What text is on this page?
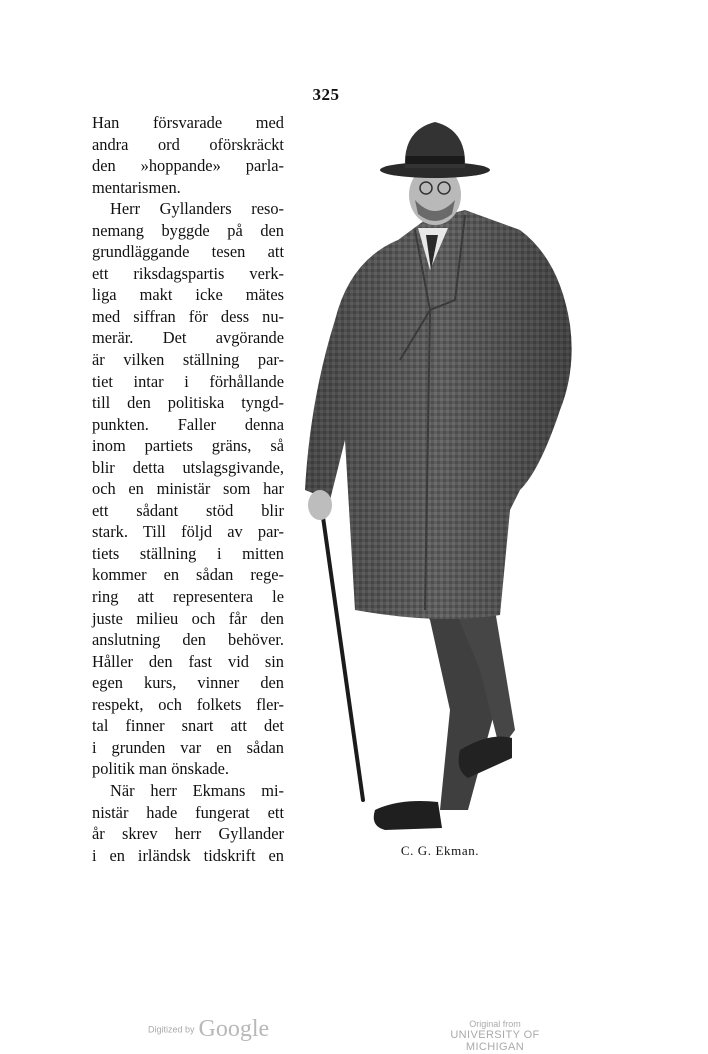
325
Han försvarade med
andra ord oförskräckt
den »hoppande» parla-
mentarismen.
Herr Gyllanders reso-
nemang byggde på den
grundläggande tesen att
ett riksdagspartis verk-
liga makt icke mätes
med siffran för dess nu-
merär. Det avgörande
är vilken ställning par-
tiet intar i förhållande
till den politiska tyngd-
punkten. Faller denna
inom partiets gräns, så
blir detta utslagsgivande,
och en ministär som har
ett sådant stöd blir
stark. Till följd av par-
tiets ställning i mitten
kommer en sådan rege-
ring att representera le
juste milieu och får den
anslutning den behöver.
Håller den fast vid sin
egen kurs, vinner den
respekt, och folkets fler-
tal finner snart att det
i grunden var en sådan
politik man önskade.
När herr Ekmans mi-
nistär hade fungerat ett
år skrev herr Gyllander
i en irländsk tidskrift en	C. G. Ekman.
Digitized by Google	Original from
UNIVERSITY OF MICHIGAN
